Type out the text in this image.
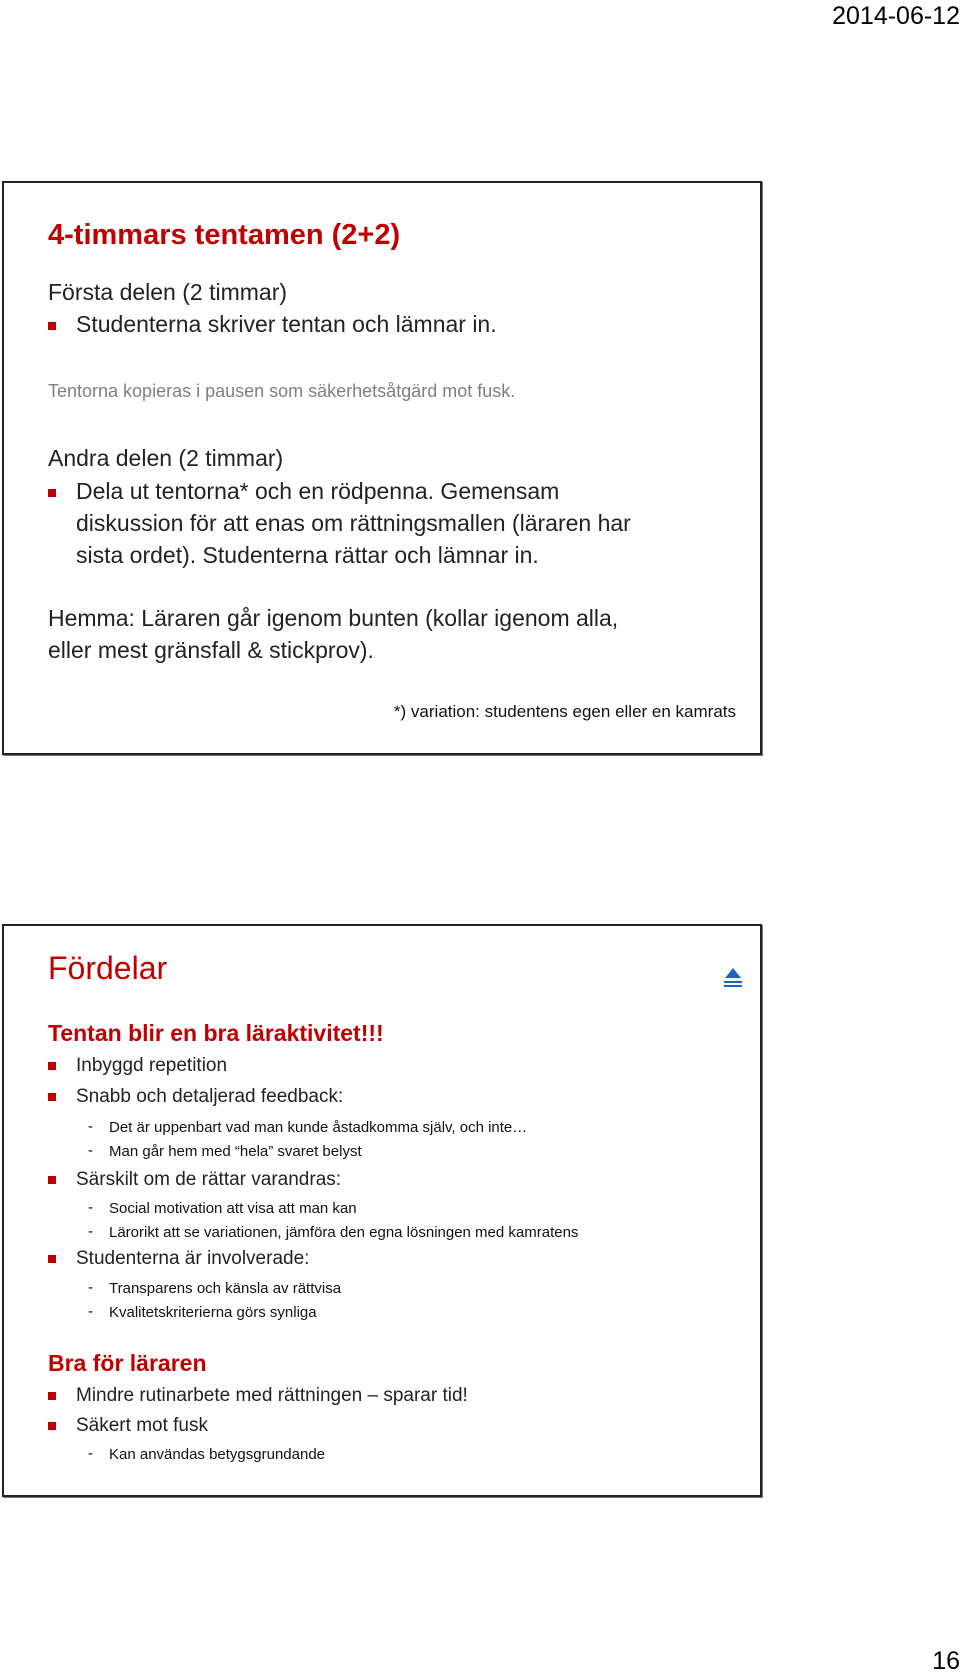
2014-06-12
4-timmars tentamen (2+2)
Första delen (2 timmar)
Studenterna skriver tentan och lämnar in.
Tentorna kopieras i pausen som säkerhetsåtgärd mot fusk.
Andra delen (2 timmar)
Dela ut tentorna* och en rödpenna. Gemensam
diskussion för att enas om rättningsmallen (läraren har
sista ordet). Studenterna rättar och lämnar in.
Hemma: Läraren går igenom bunten (kollar igenom alla,
eller mest gränsfall & stickprov).
*) variation: studentens egen eller en kamrats
Fördelar
Tentan blir en bra läraktivitet!!!
Bra för läraren
Inbyggd repetition
Snabb och detaljerad feedback:
- Det är uppenbart vad man kunde åstadkomma själv, och inte…
- Man går hem med “hela” svaret belyst
Särskilt om de rättar varandras:
- Social motivation att visa att man kan
- Lärorikt att se variationen, jämföra den egna lösningen med kamratens
Studenterna är involverade:
- Transparens och känsla av rättvisa
- Kvalitetskriterierna görs synliga
Mindre rutinarbete med rättningen – sparar tid!
Säkert mot fusk
- Kan användas betygsgrundande
16
